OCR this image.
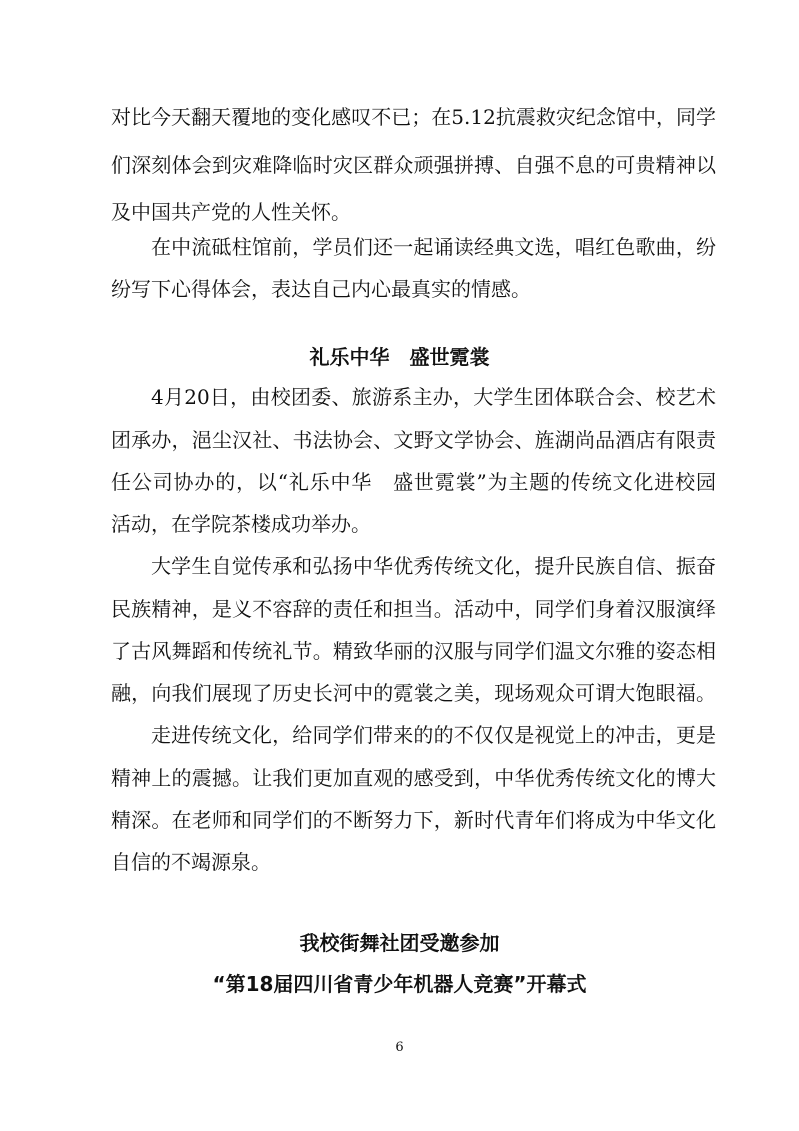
对比今天翻天覆地的变化感叹不已；在5.12抗震救灾纪念馆中，同学
们深刻体会到灾难降临时灾区群众顽强拼搏、自强不息的可贵精神以
及中国共产党的人性关怀。
在中流砥柱馆前，学员们还一起诵读经典文选，唱红色歌曲，纷
纷写下心得体会，表达自己内心最真实的情感。
礼乐中华　盛世霓裳
4月20日，由校团委、旅游系主办，大学生团体联合会、校艺术
团承办，浥尘汉社、书法协会、文野文学协会、旌湖尚品酒店有限责
任公司协办的，以“礼乐中华　盛世霓裳”为主题的传统文化进校园
活动，在学院茶楼成功举办。
大学生自觉传承和弘扬中华优秀传统文化，提升民族自信、振奋
民族精神，是义不容辞的责任和担当。活动中，同学们身着汉服演绎
了古风舞蹈和传统礼节。精致华丽的汉服与同学们温文尔雅的姿态相
融，向我们展现了历史长河中的霓裳之美，现场观众可谓大饱眼福。
走进传统文化，给同学们带来的的不仅仅是视觉上的冲击，更是
精神上的震撼。让我们更加直观的感受到，中华优秀传统文化的博大
精深。在老师和同学们的不断努力下，新时代青年们将成为中华文化
自信的不竭源泉。
我校街舞社团受邀参加
“第18届四川省青少年机器人竞赛”开幕式
6
